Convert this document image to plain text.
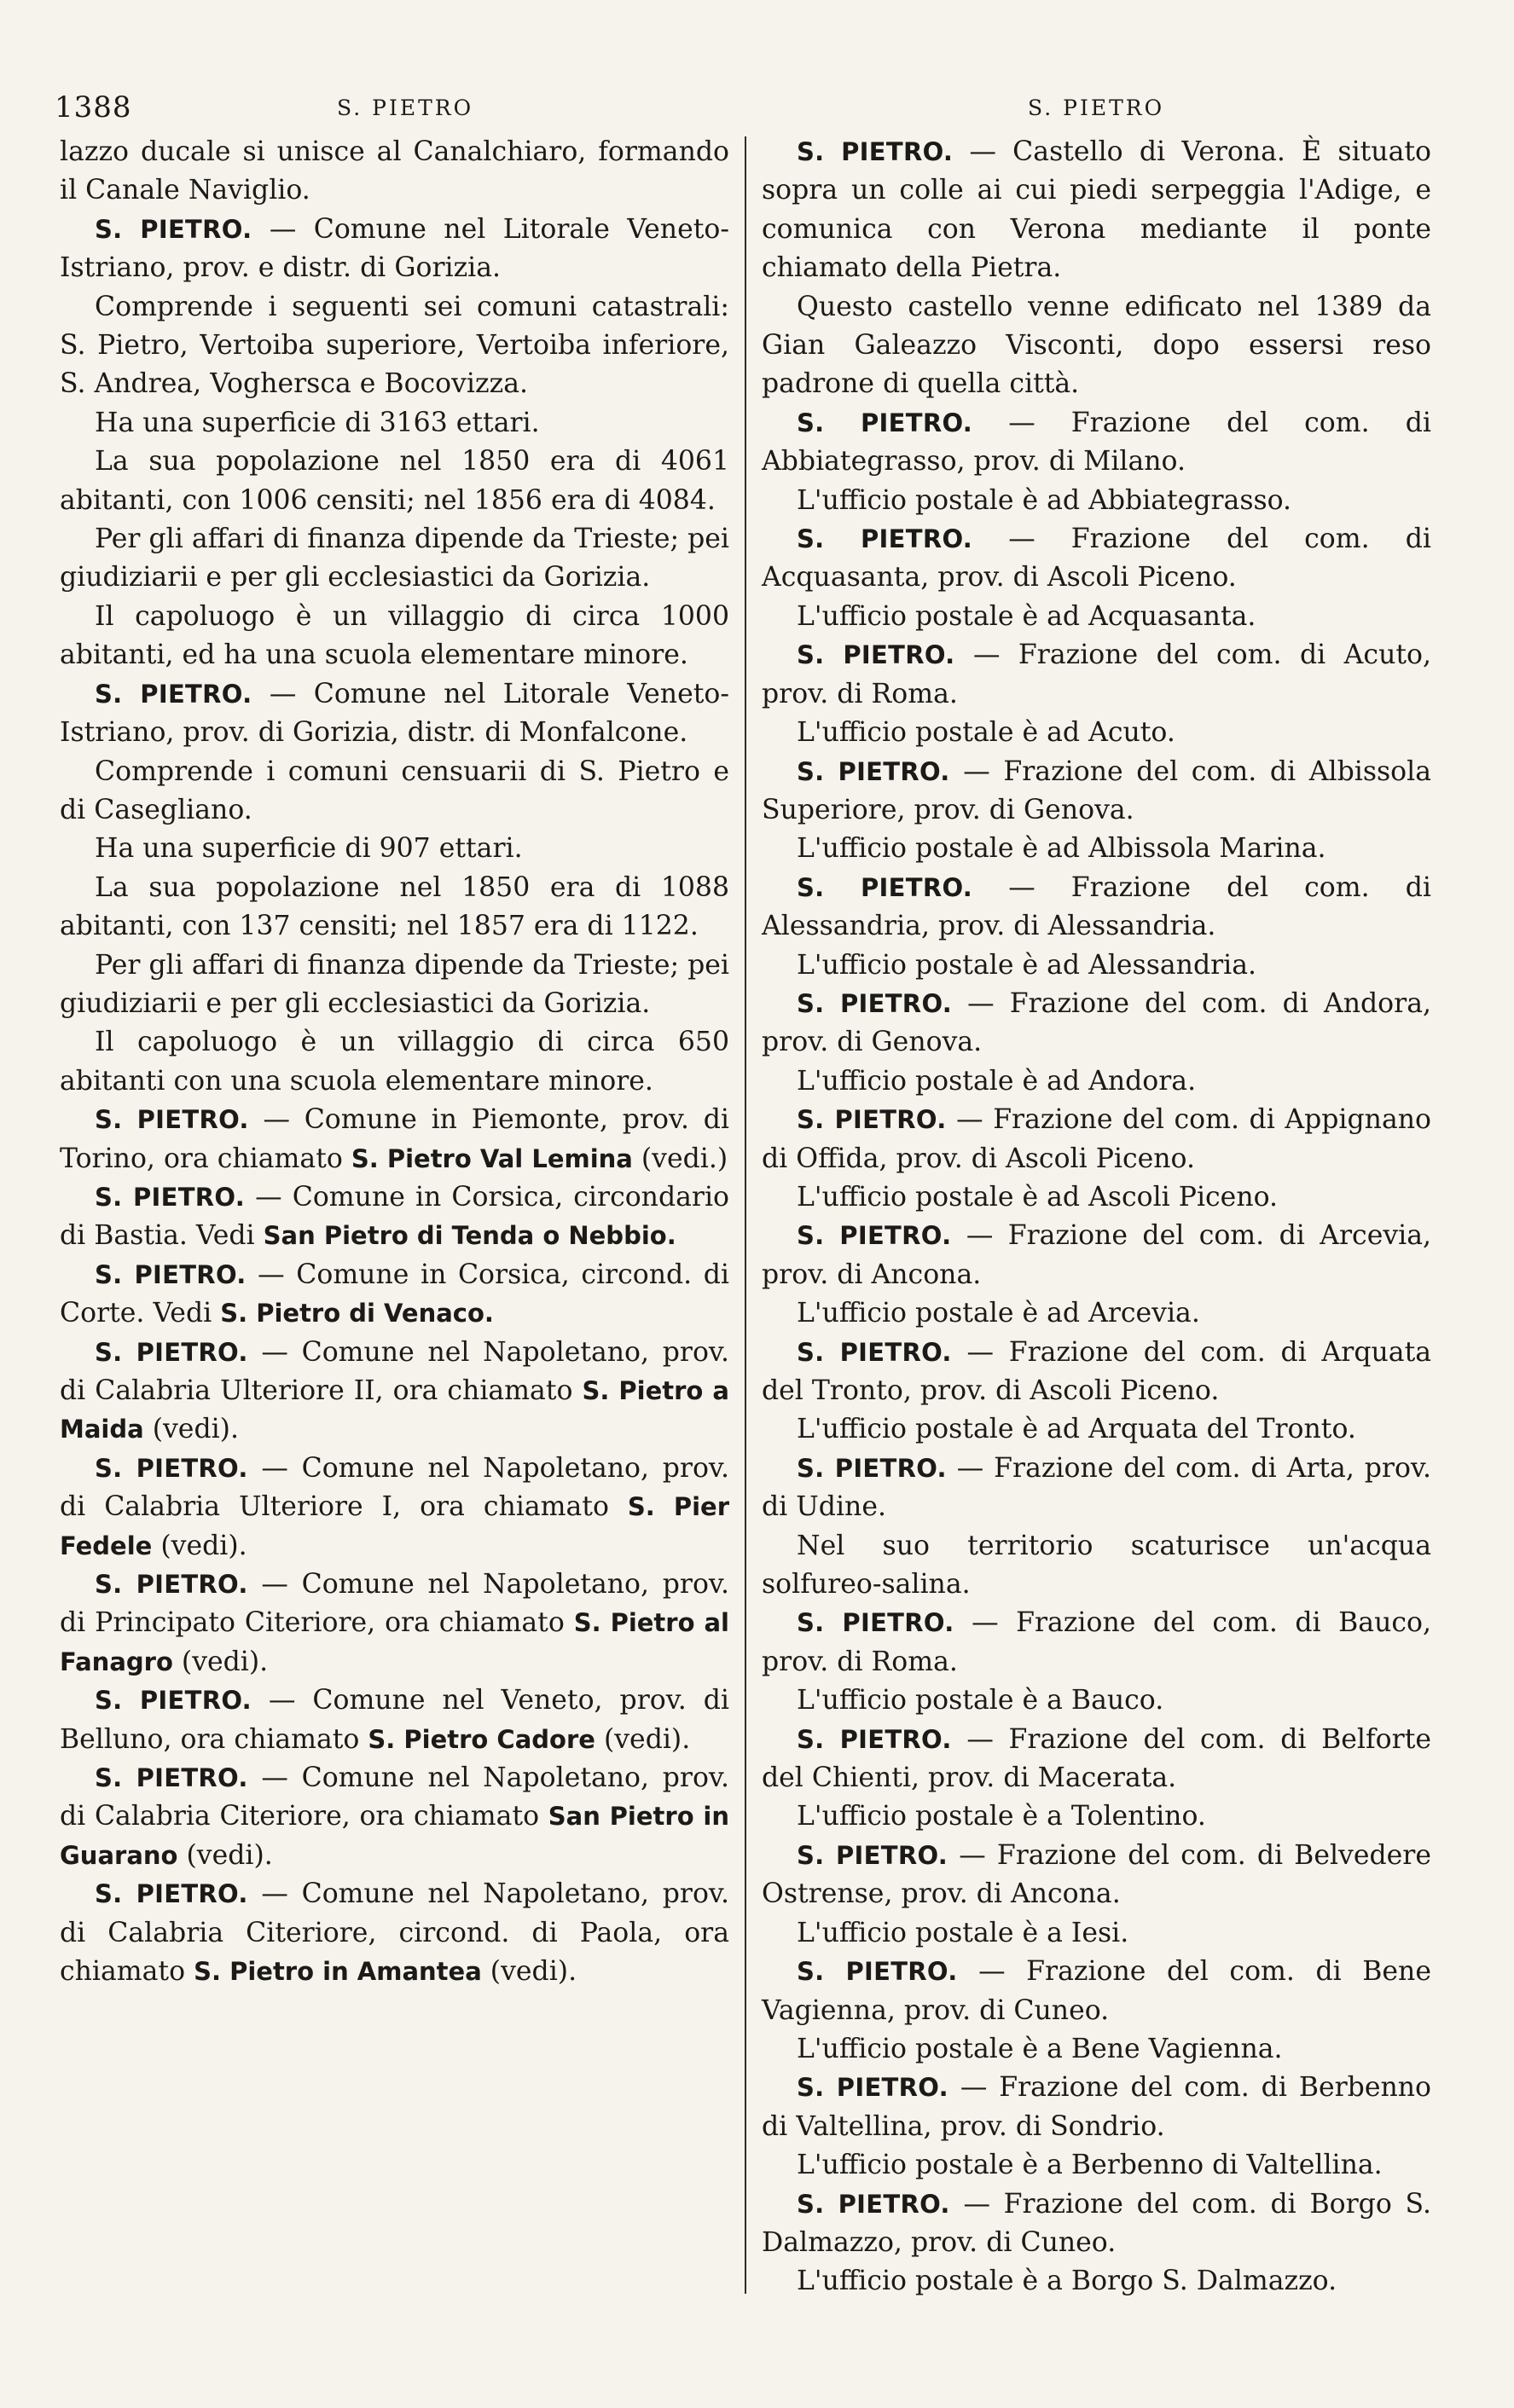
1388	S. PIETRO	S. PIETRO

lazzo ducale si unisce al Canalchiaro, formando il Canale Naviglio.

S. PIETRO. — Comune nel Litorale Veneto-Istriano, prov. e distr. di Gorizia.

Comprende i seguenti sei comuni catastrali: S. Pietro, Vertoiba superiore, Vertoiba inferiore, S. Andrea, Voghersca e Bocovizza.

Ha una superficie di 3163 ettari.

La sua popolazione nel 1850 era di 4061 abitanti, con 1006 censiti; nel 1856 era di 4084.

Per gli affari di finanza dipende da Trieste; pei giudiziarii e per gli ecclesiastici da Gorizia.

Il capoluogo è un villaggio di circa 1000 abitanti, ed ha una scuola elementare minore.

S. PIETRO. — Comune nel Litorale Veneto-Istriano, prov. di Gorizia, distr. di Monfalcone.

Comprende i comuni censuarii di S. Pietro e di Casegliano.

Ha una superficie di 907 ettari.

La sua popolazione nel 1850 era di 1088 abitanti, con 137 censiti; nel 1857 era di 1122.

Per gli affari di finanza dipende da Trieste; pei giudiziarii e per gli ecclesiastici da Gorizia.

Il capoluogo è un villaggio di circa 650 abitanti con una scuola elementare minore.

S. PIETRO. — Comune in Piemonte, prov. di Torino, ora chiamato S. Pietro Val Lemina (vedi.)

S. PIETRO. — Comune in Corsica, circondario di Bastia. Vedi San Pietro di Tenda o Nebbio.

S. PIETRO. — Comune in Corsica, circond. di Corte. Vedi S. Pietro di Venaco.

S. PIETRO. — Comune nel Napoletano, prov. di Calabria Ulteriore II, ora chiamato S. Pietro a Maida (vedi).

S. PIETRO. — Comune nel Napoletano, prov. di Calabria Ulteriore I, ora chiamato S. Pier Fedele (vedi).

S. PIETRO. — Comune nel Napoletano, prov. di Principato Citeriore, ora chiamato S. Pietro al Fanagro (vedi).

S. PIETRO. — Comune nel Veneto, prov. di Belluno, ora chiamato S. Pietro Cadore (vedi).

S. PIETRO. — Comune nel Napoletano, prov. di Calabria Citeriore, ora chiamato San Pietro in Guarano (vedi).

S. PIETRO. — Comune nel Napoletano, prov. di Calabria Citeriore, circond. di Paola, ora chiamato S. Pietro in Amantea (vedi).

S. PIETRO. — Castello di Verona. È situato sopra un colle ai cui piedi serpeggia l'Adige, e comunica con Verona mediante il ponte chiamato della Pietra.

Questo castello venne edificato nel 1389 da Gian Galeazzo Visconti, dopo essersi reso padrone di quella città.

S. PIETRO. — Frazione del com. di Abbiategrasso, prov. di Milano.

L'ufficio postale è ad Abbiategrasso.

S. PIETRO. — Frazione del com. di Acquasanta, prov. di Ascoli Piceno.

L'ufficio postale è ad Acquasanta.

S. PIETRO. — Frazione del com. di Acuto, prov. di Roma.

L'ufficio postale è ad Acuto.

S. PIETRO. — Frazione del com. di Albissola Superiore, prov. di Genova.

L'ufficio postale è ad Albissola Marina.

S. PIETRO. — Frazione del com. di Alessandria, prov. di Alessandria.

L'ufficio postale è ad Alessandria.

S. PIETRO. — Frazione del com. di Andora, prov. di Genova.

L'ufficio postale è ad Andora.

S. PIETRO. — Frazione del com. di Appignano di Offida, prov. di Ascoli Piceno.

L'ufficio postale è ad Ascoli Piceno.

S. PIETRO. — Frazione del com. di Arcevia, prov. di Ancona.

L'ufficio postale è ad Arcevia.

S. PIETRO. — Frazione del com. di Arquata del Tronto, prov. di Ascoli Piceno.

L'ufficio postale è ad Arquata del Tronto.

S. PIETRO. — Frazione del com. di Arta, prov. di Udine.

Nel suo territorio scaturisce un'acqua solfureo-salina.

S. PIETRO. — Frazione del com. di Bauco, prov. di Roma.

L'ufficio postale è a Bauco.

S. PIETRO. — Frazione del com. di Belforte del Chienti, prov. di Macerata.

L'ufficio postale è a Tolentino.

S. PIETRO. — Frazione del com. di Belvedere Ostrense, prov. di Ancona.

L'ufficio postale è a Iesi.

S. PIETRO. — Frazione del com. di Bene Vagienna, prov. di Cuneo.

L'ufficio postale è a Bene Vagienna.

S. PIETRO. — Frazione del com. di Berbenno di Valtellina, prov. di Sondrio.

L'ufficio postale è a Berbenno di Valtellina.

S. PIETRO. — Frazione del com. di Borgo S. Dalmazzo, prov. di Cuneo.

L'ufficio postale è a Borgo S. Dalmazzo.
